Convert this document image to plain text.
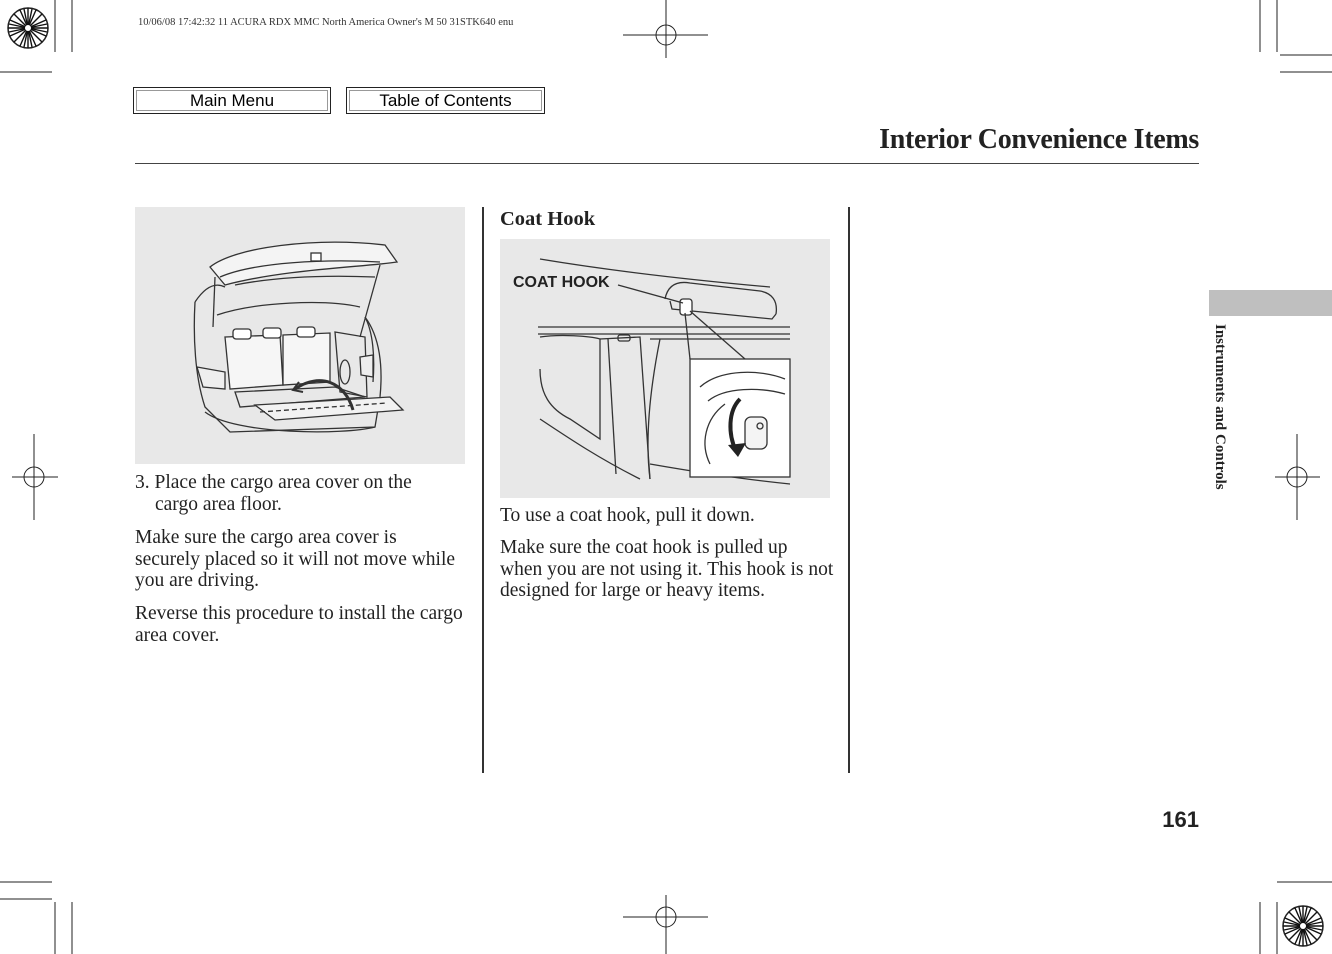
10/06/08 17:42:32 11 ACURA RDX MMC North America Owner's M 50 31STK640 enu
Main Menu	Table of Contents
Interior Convenience Items

3. Place the cargo area cover on the
cargo area floor.

Make sure the cargo area cover is securely placed so it will not move while you are driving.

Reverse this procedure to install the cargo area cover.

Coat Hook
COAT HOOK

To use a coat hook, pull it down.

Make sure the coat hook is pulled up when you are not using it. This hook is not designed for large or heavy items.

Instruments and Controls
161
